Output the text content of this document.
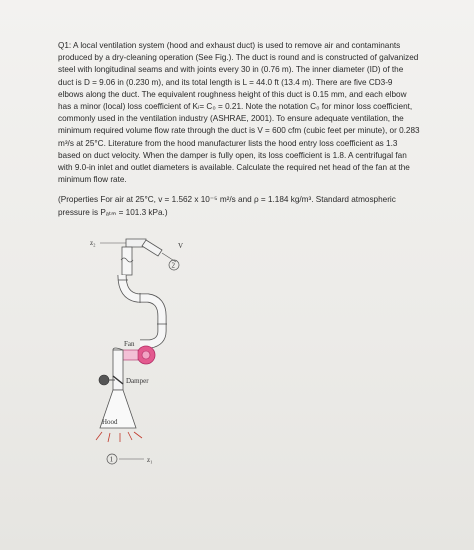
Q1: A local ventilation system (hood and exhaust duct) is used to remove air and contaminants produced by a dry-cleaning operation (See Fig.). The duct is round and is constructed of galvanized steel with longitudinal seams and with joints every 30 in (0.76 m). The inner diameter (ID) of the duct is D = 9.06 in (0.230 m), and its total length is L = 44.0 ft (13.4 m). There are five CD3-9 elbows along the duct. The equivalent roughness height of this duct is 0.15 mm, and each elbow has a minor (local) loss coefficient of Kₗ= C₀ = 0.21. Note the notation C₀ for minor loss coefficient, commonly used in the ventilation industry (ASHRAE, 2001). To ensure adequate ventilation, the minimum required volume flow rate through the duct is V = 600 cfm (cubic feet per minute), or 0.283 m³/s at 25°C. Literature from the hood manufacturer lists the hood entry loss coefficient as 1.3 based on duct velocity. When the damper is fully open, its loss coefficient is 1.8. A centrifugal fan with 9.0-in inlet and outlet diameters is available. Calculate the required net head of the fan at the minimum flow rate.

(Properties For air at 25°C, v = 1.562 x 10⁻⁵ m²/s and ρ = 1.184 kg/m³. Standard atmospheric pressure is Pₐₜₘ = 101.3 kPa.)

z₂	V
2
Fan
Damper
Hood
1	z₁
